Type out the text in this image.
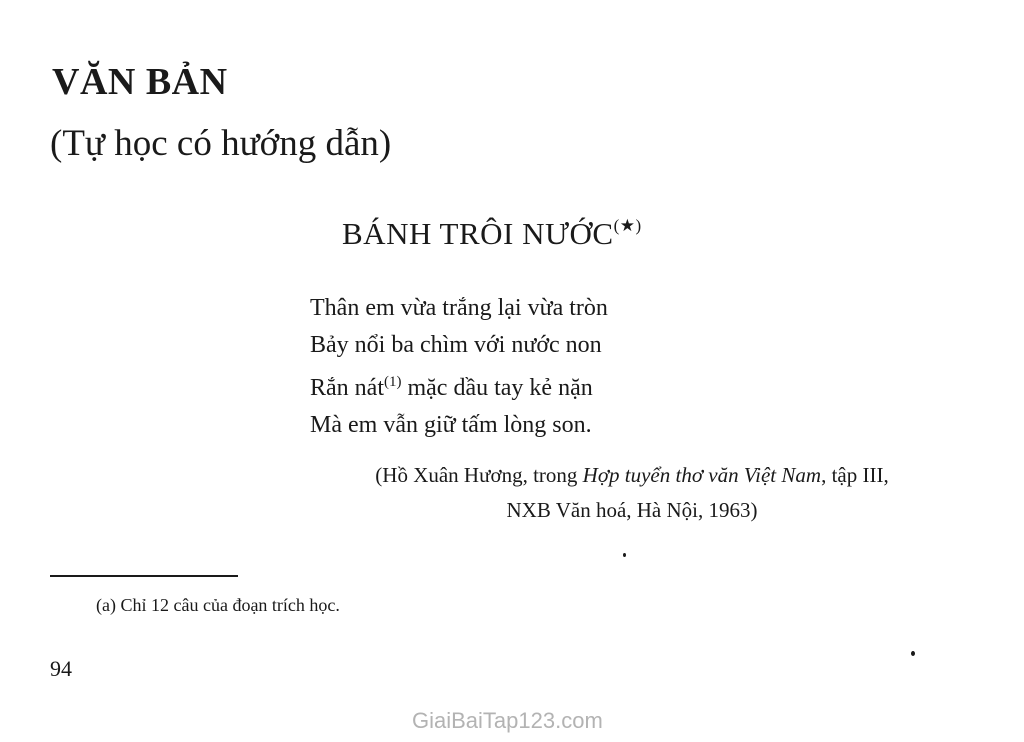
VĂN BẢN
(Tự học có hướng dẫn)
BÁNH TRÔI NƯỚC(★)
Thân em vừa trắng lại vừa tròn
Bảy nổi ba chìm với nước non
Rắn nát$^{(1)}$ mặc dầu tay kẻ nặn
Mà em vẫn giữ tấm lòng son.
(Hồ Xuân Hương, trong Hợp tuyển thơ văn Việt Nam, tập III,
NXB Văn hoá, Hà Nội, 1963)
(a) Chỉ 12 câu của đoạn trích học.
94
GiaiBaiTap123.com
